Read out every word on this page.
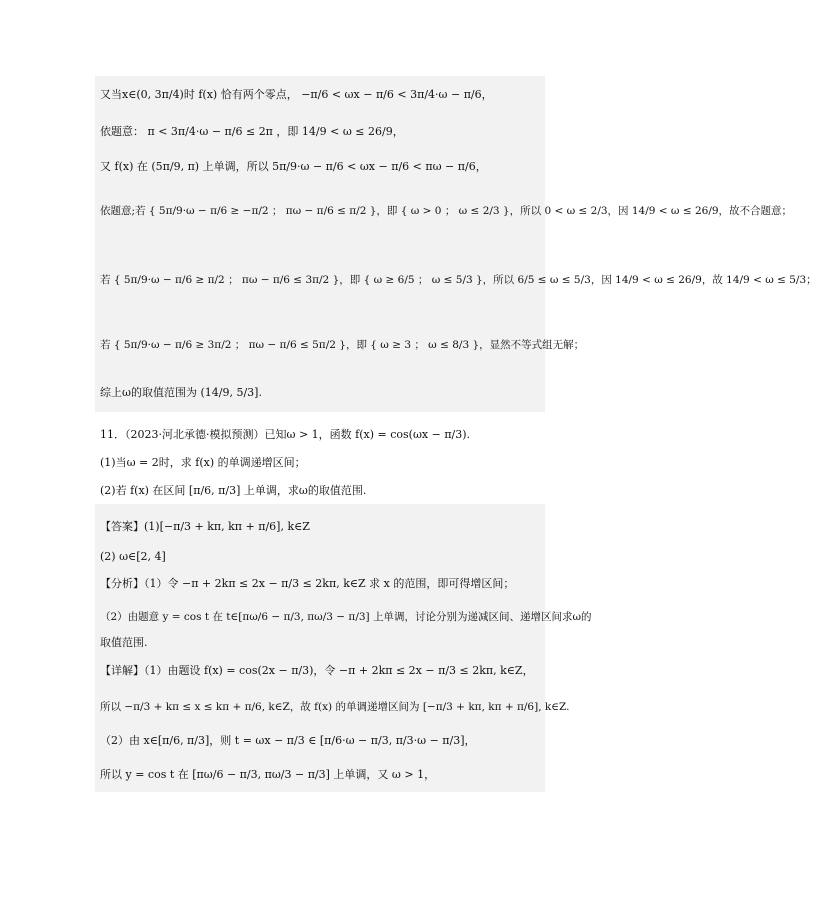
又当x∈(0, 3π/4)时 f(x) 恰有两个零点， −π/6 < ωx − π/6 < 3π/4·ω − π/6，
依题意： π < 3π/4·ω − π/6 ≤ 2π ，即 14/9 < ω ≤ 26/9，
又 f(x) 在 (5π/9, π) 上单调，所以 5π/9·ω − π/6 < ωx − π/6 < πω − π/6，
依题意;若 { 5π/9·ω − π/6 ≥ −π/2 ； πω − π/6 ≤ π/2 }，即 { ω > 0 ； ω ≤ 2/3 }，所以 0 < ω ≤ 2/3，因 14/9 < ω ≤ 26/9，故不合题意；
若 { 5π/9·ω − π/6 ≥ π/2 ； πω − π/6 ≤ 3π/2 }，即 { ω ≥ 6/5 ； ω ≤ 5/3 }，所以 6/5 ≤ ω ≤ 5/3，因 14/9 < ω ≤ 26/9，故 14/9 < ω ≤ 5/3；
若 { 5π/9·ω − π/6 ≥ 3π/2 ； πω − π/6 ≤ 5π/2 }，即 { ω ≥ 3 ； ω ≤ 8/3 }，显然不等式组无解；
综上ω的取值范围为 (14/9, 5/3].
11．（2023·河北承德·模拟预测）已知ω > 1，函数 f(x) = cos(ωx − π/3).
(1)当ω = 2时，求 f(x) 的单调递增区间；
(2)若 f(x) 在区间 [π/6, π/3] 上单调，求ω的取值范围.
【答案】(1)[−π/3 + kπ, kπ + π/6], k∈Z
(2) ω∈[2, 4]
【分析】（1）令 −π + 2kπ ≤ 2x − π/3 ≤ 2kπ, k∈Z 求 x 的范围，即可得增区间；
（2）由题意 y = cos t 在 t∈[πω/6 − π/3, πω/3 − π/3] 上单调，讨论分别为递减区间、递增区间求ω的
取值范围.
【详解】（1）由题设 f(x) = cos(2x − π/3)，令 −π + 2kπ ≤ 2x − π/3 ≤ 2kπ, k∈Z，
所以 −π/3 + kπ ≤ x ≤ kπ + π/6, k∈Z，故 f(x) 的单调递增区间为 [−π/3 + kπ, kπ + π/6], k∈Z.
（2）由 x∈[π/6, π/3]，则 t = ωx − π/3 ∈ [π/6·ω − π/3, π/3·ω − π/3]，
所以 y = cos t 在 [πω/6 − π/3, πω/3 − π/3] 上单调，又 ω > 1，
